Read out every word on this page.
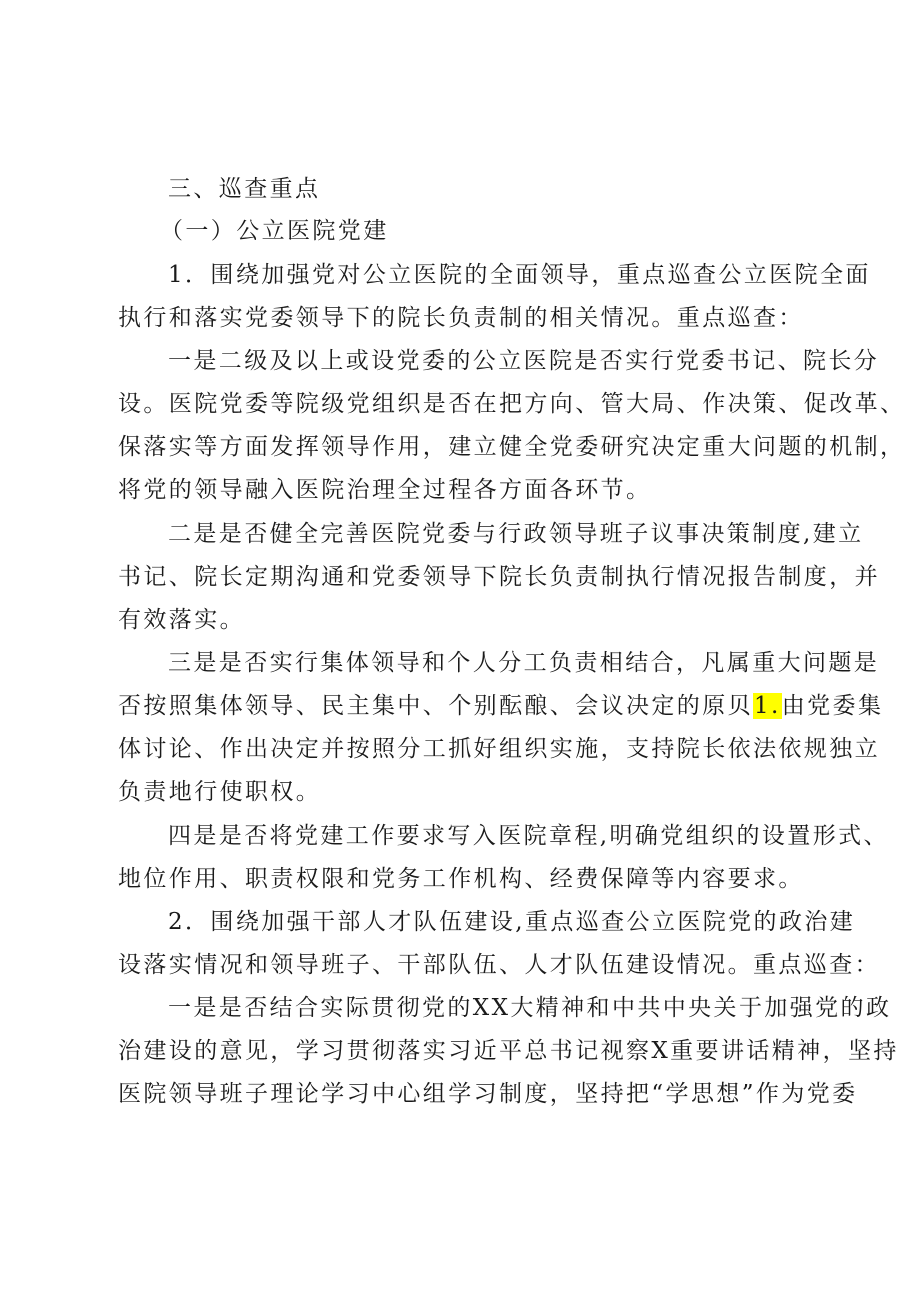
三、巡查重点
（一）公立医院党建
1．围绕加强党对公立医院的全面领导，重点巡查公立医院全面
执行和落实党委领导下的院长负责制的相关情况。重点巡查：
一是二级及以上或设党委的公立医院是否实行党委书记、院长分
设。医院党委等院级党组织是否在把方向、管大局、作决策、促改革、
保落实等方面发挥领导作用，建立健全党委研究决定重大问题的机制，
将党的领导融入医院治理全过程各方面各环节。
二是是否健全完善医院党委与行政领导班子议事决策制度,建立
书记、院长定期沟通和党委领导下院长负责制执行情况报告制度，并
有效落实。
三是是否实行集体领导和个人分工负责相结合，凡属重大问题是
否按照集体领导、民主集中、个别酝酿、会议决定的原贝1.由党委集
体讨论、作出决定并按照分工抓好组织实施，支持院长依法依规独立
负责地行使职权。
四是是否将党建工作要求写入医院章程,明确党组织的设置形式、
地位作用、职责权限和党务工作机构、经费保障等内容要求。
2．围绕加强干部人才队伍建设,重点巡查公立医院党的政治建
设落实情况和领导班子、干部队伍、人才队伍建设情况。重点巡查：
一是是否结合实际贯彻党的XX大精神和中共中央关于加强党的政
治建设的意见，学习贯彻落实习近平总书记视察X重要讲话精神，坚持
医院领导班子理论学习中心组学习制度，坚持把“学思想”作为党委
